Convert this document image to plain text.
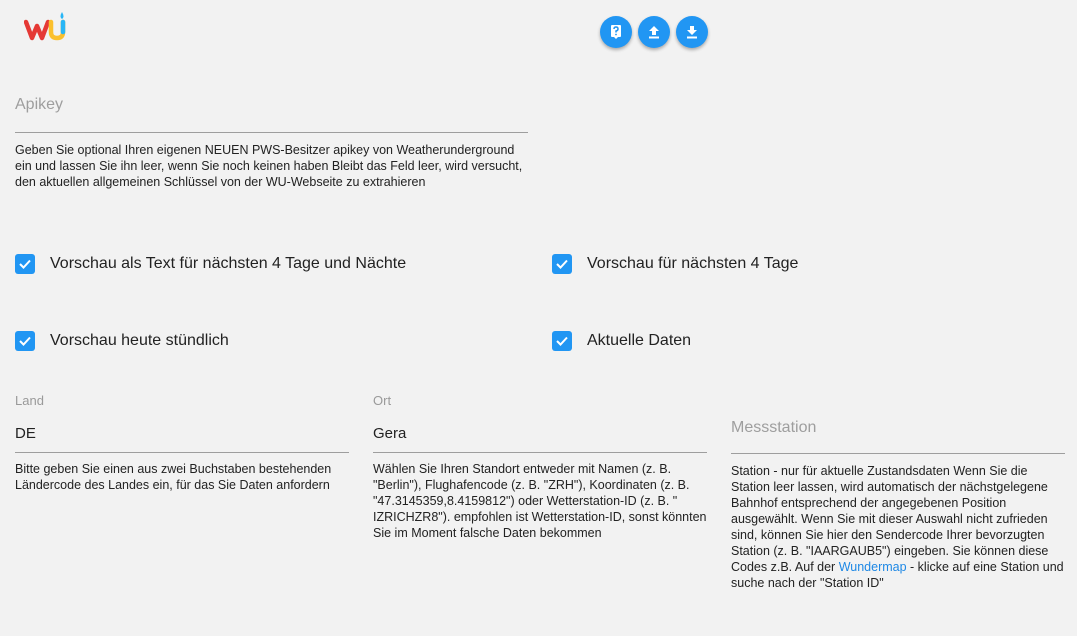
Apikey
Geben Sie optional Ihren eigenen NEUEN PWS-Besitzer apikey von Weatherunderground ein und lassen Sie ihn leer, wenn Sie noch keinen haben Bleibt das Feld leer, wird versucht, den aktuellen allgemeinen Schlüssel von der WU-Webseite zu extrahieren
Vorschau als Text für nächsten 4 Tage und Nächte	Vorschau für nächsten 4 Tage
Vorschau heute stündlich	Aktuelle Daten
Land
DE
Bitte geben Sie einen aus zwei Buchstaben bestehenden Ländercode des Landes ein, für das Sie Daten anfordern
Ort
Gera
Wählen Sie Ihren Standort entweder mit Namen (z. B. "Berlin"), Flughafencode (z. B. "ZRH"), Koordinaten (z. B. "47.3145359,8.4159812") oder Wetterstation-ID (z. B. " IZRICHZR8"). empfohlen ist Wetterstation-ID, sonst könnten Sie im Moment falsche Daten bekommen
Messstation
Station - nur für aktuelle Zustandsdaten Wenn Sie die Station leer lassen, wird automatisch der nächstgelegene Bahnhof entsprechend der angegebenen Position ausgewählt. Wenn Sie mit dieser Auswahl nicht zufrieden sind, können Sie hier den Sendercode Ihrer bevorzugten Station (z. B. "IAARGAUB5") eingeben. Sie können diese Codes z.B. Auf der Wundermap - klicke auf eine Station und suche nach der "Station ID"
